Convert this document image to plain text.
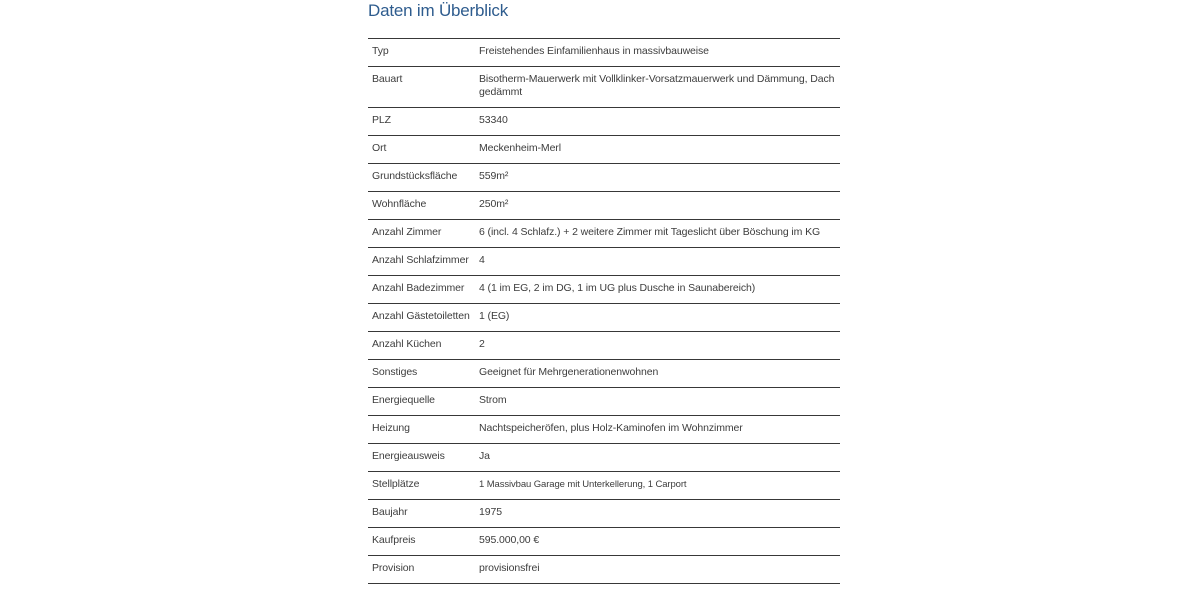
Daten im Überblick
Typ	Freistehendes Einfamilienhaus in massivbauweise
Bauart	Bisotherm-Mauerwerk mit Vollklinker-Vorsatzmauerwerk und Dämmung, Dach gedämmt
PLZ	53340
Ort	Meckenheim-Merl
Grundstücksfläche	559m²
Wohnfläche	250m²
Anzahl Zimmer	6 (incl. 4 Schlafz.) + 2 weitere Zimmer mit Tageslicht über Böschung im KG
Anzahl Schlafzimmer 4
Anzahl Badezimmer	4 (1 im EG, 2 im DG, 1 im UG plus Dusche in Saunabereich)
Anzahl Gästetoiletten 1 (EG)
Anzahl Küchen	2
Sonstiges	Geeignet für Mehrgenerationenwohnen
Energiequelle	Strom
Heizung	Nachtspeicheröfen, plus Holz-Kaminofen im Wohnzimmer
Energieausweis	Ja
Stellplätze	1 Massivbau Garage mit Unterkellerung, 1 Carport
Baujahr	1975
Kaufpreis	595.000,00 €
Provision	provisionsfrei
